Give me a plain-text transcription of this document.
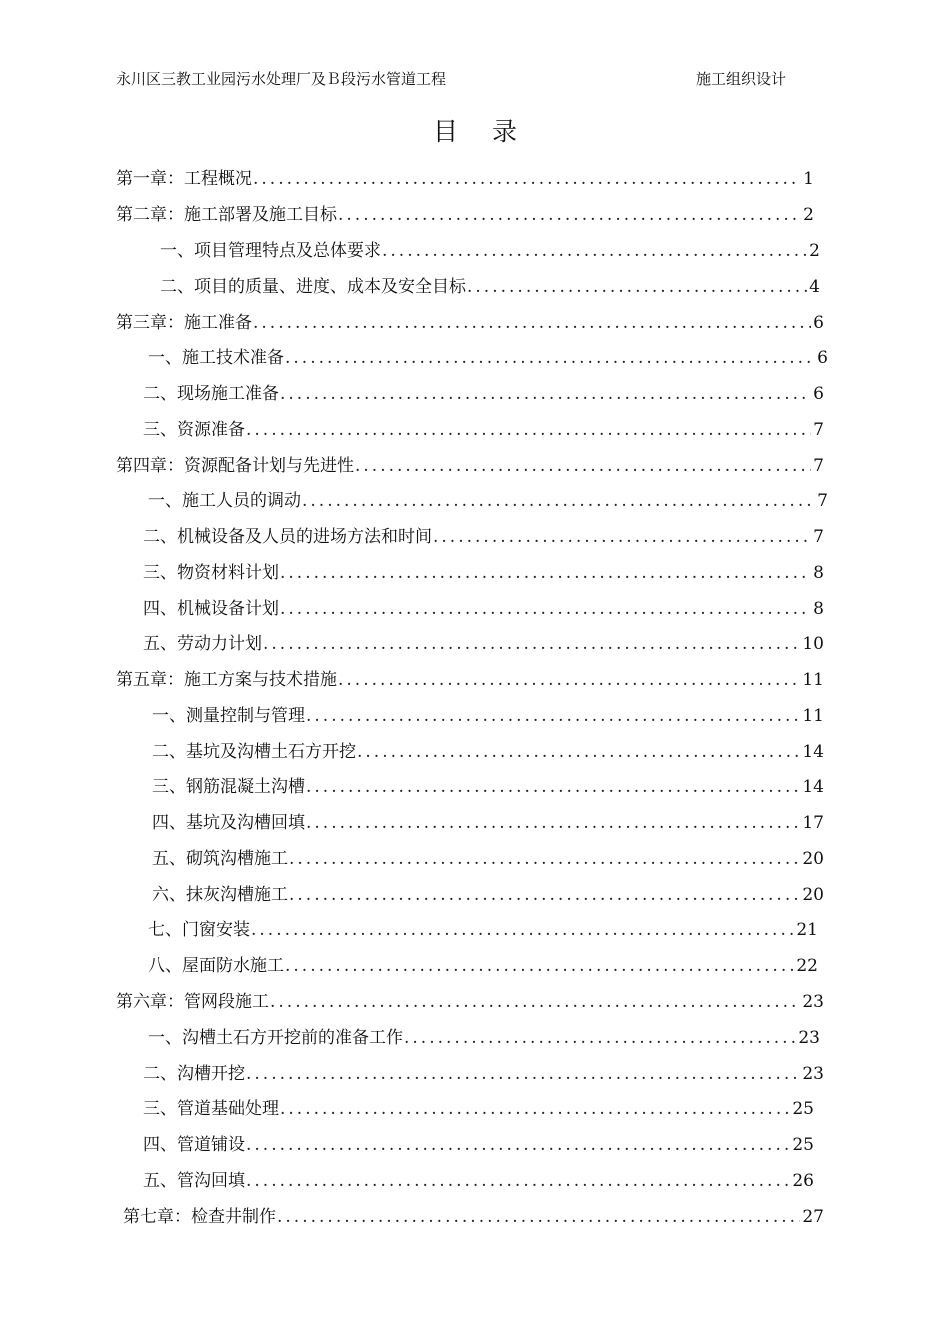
永川区三教工业园污水处理厂及Ｂ段污水管道工程	施工组织设计
目录
第一章：工程概况 .....	1
第二章：施工部署及施工目标 .....	2
一、项目管理特点及总体要求 .....	2
二、项目的质量、进度、成本及安全目标 .....	4
第三章：施工准备 .....	6
一、施工技术准备 .....	6
二、现场施工准备 .....	6
三、资源准备 .....	7
第四章：资源配备计划与先进性 .....	7
一、施工人员的调动 .....	7
二、机械设备及人员的进场方法和时间 .....	7
三、物资材料计划 .....	8
四、机械设备计划 .....	8
五、劳动力计划 .....	10
第五章：施工方案与技术措施 .....	11
一、测量控制与管理 .....	11
二、基坑及沟槽土石方开挖 .....	14
三、钢筋混凝土沟槽 .....	14
四、基坑及沟槽回填 .....	17
五、砌筑沟槽施工 .....	20
六、抹灰沟槽施工 .....	20
七、门窗安装 .....	21
八、屋面防水施工 .....	22
第六章：管网段施工 .....	23
一、沟槽土石方开挖前的准备工作 .....	23
二、沟槽开挖 .....	23
三、管道基础处理 .....	25
四、管道铺设 .....	25
五、管沟回填 .....	26
第七章：检查井制作 .....	27
